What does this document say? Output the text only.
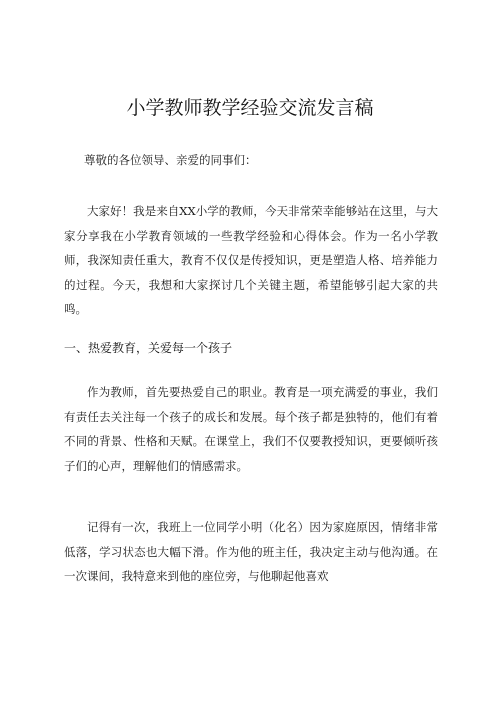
小学教师教学经验交流发言稿

尊敬的各位领导、亲爱的同事们：

大家好！我是来自XX小学的教师，今天非常荣幸能够站在这里，与大家分享我在小学教育领域的一些教学经验和心得体会。作为一名小学教师，我深知责任重大，教育不仅仅是传授知识，更是塑造人格、培养能力的过程。今天，我想和大家探讨几个关键主题，希望能够引起大家的共鸣。

一、热爱教育，关爱每一个孩子

作为教师，首先要热爱自己的职业。教育是一项充满爱的事业，我们有责任去关注每一个孩子的成长和发展。每个孩子都是独特的，他们有着不同的背景、性格和天赋。在课堂上，我们不仅要教授知识，更要倾听孩子们的心声，理解他们的情感需求。

记得有一次，我班上一位同学小明（化名）因为家庭原因，情绪非常低落，学习状态也大幅下滑。作为他的班主任，我决定主动与他沟通。在一次课间，我特意来到他的座位旁，与他聊起他喜欢
